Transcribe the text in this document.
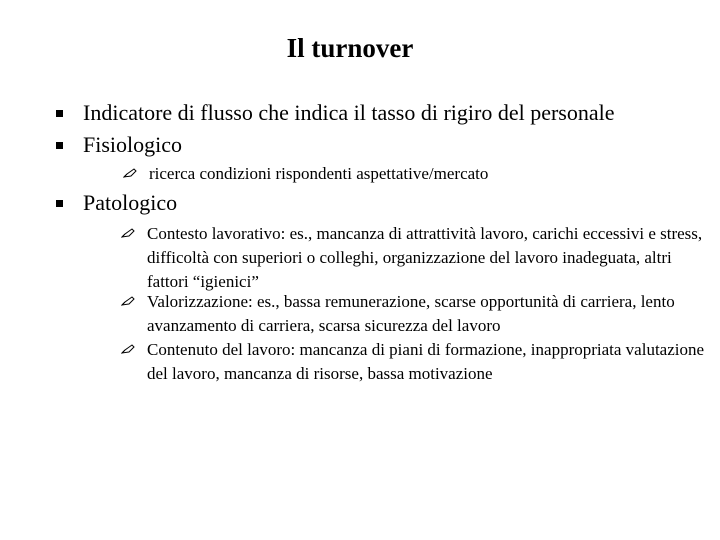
Il turnover
Indicatore di flusso che indica il tasso di rigiro del personale
Fisiologico
ricerca condizioni rispondenti aspettative/mercato
Patologico
Contesto lavorativo: es., mancanza di attrattività lavoro, carichi eccessivi e stress, difficoltà con superiori o colleghi, organizzazione del lavoro inadeguata, altri fattori “igienici”
Valorizzazione: es., bassa remunerazione, scarse opportunità di carriera, lento avanzamento di carriera, scarsa sicurezza del lavoro
Contenuto del lavoro: mancanza di piani di formazione, inappropriata valutazione del lavoro, mancanza di risorse, bassa motivazione
